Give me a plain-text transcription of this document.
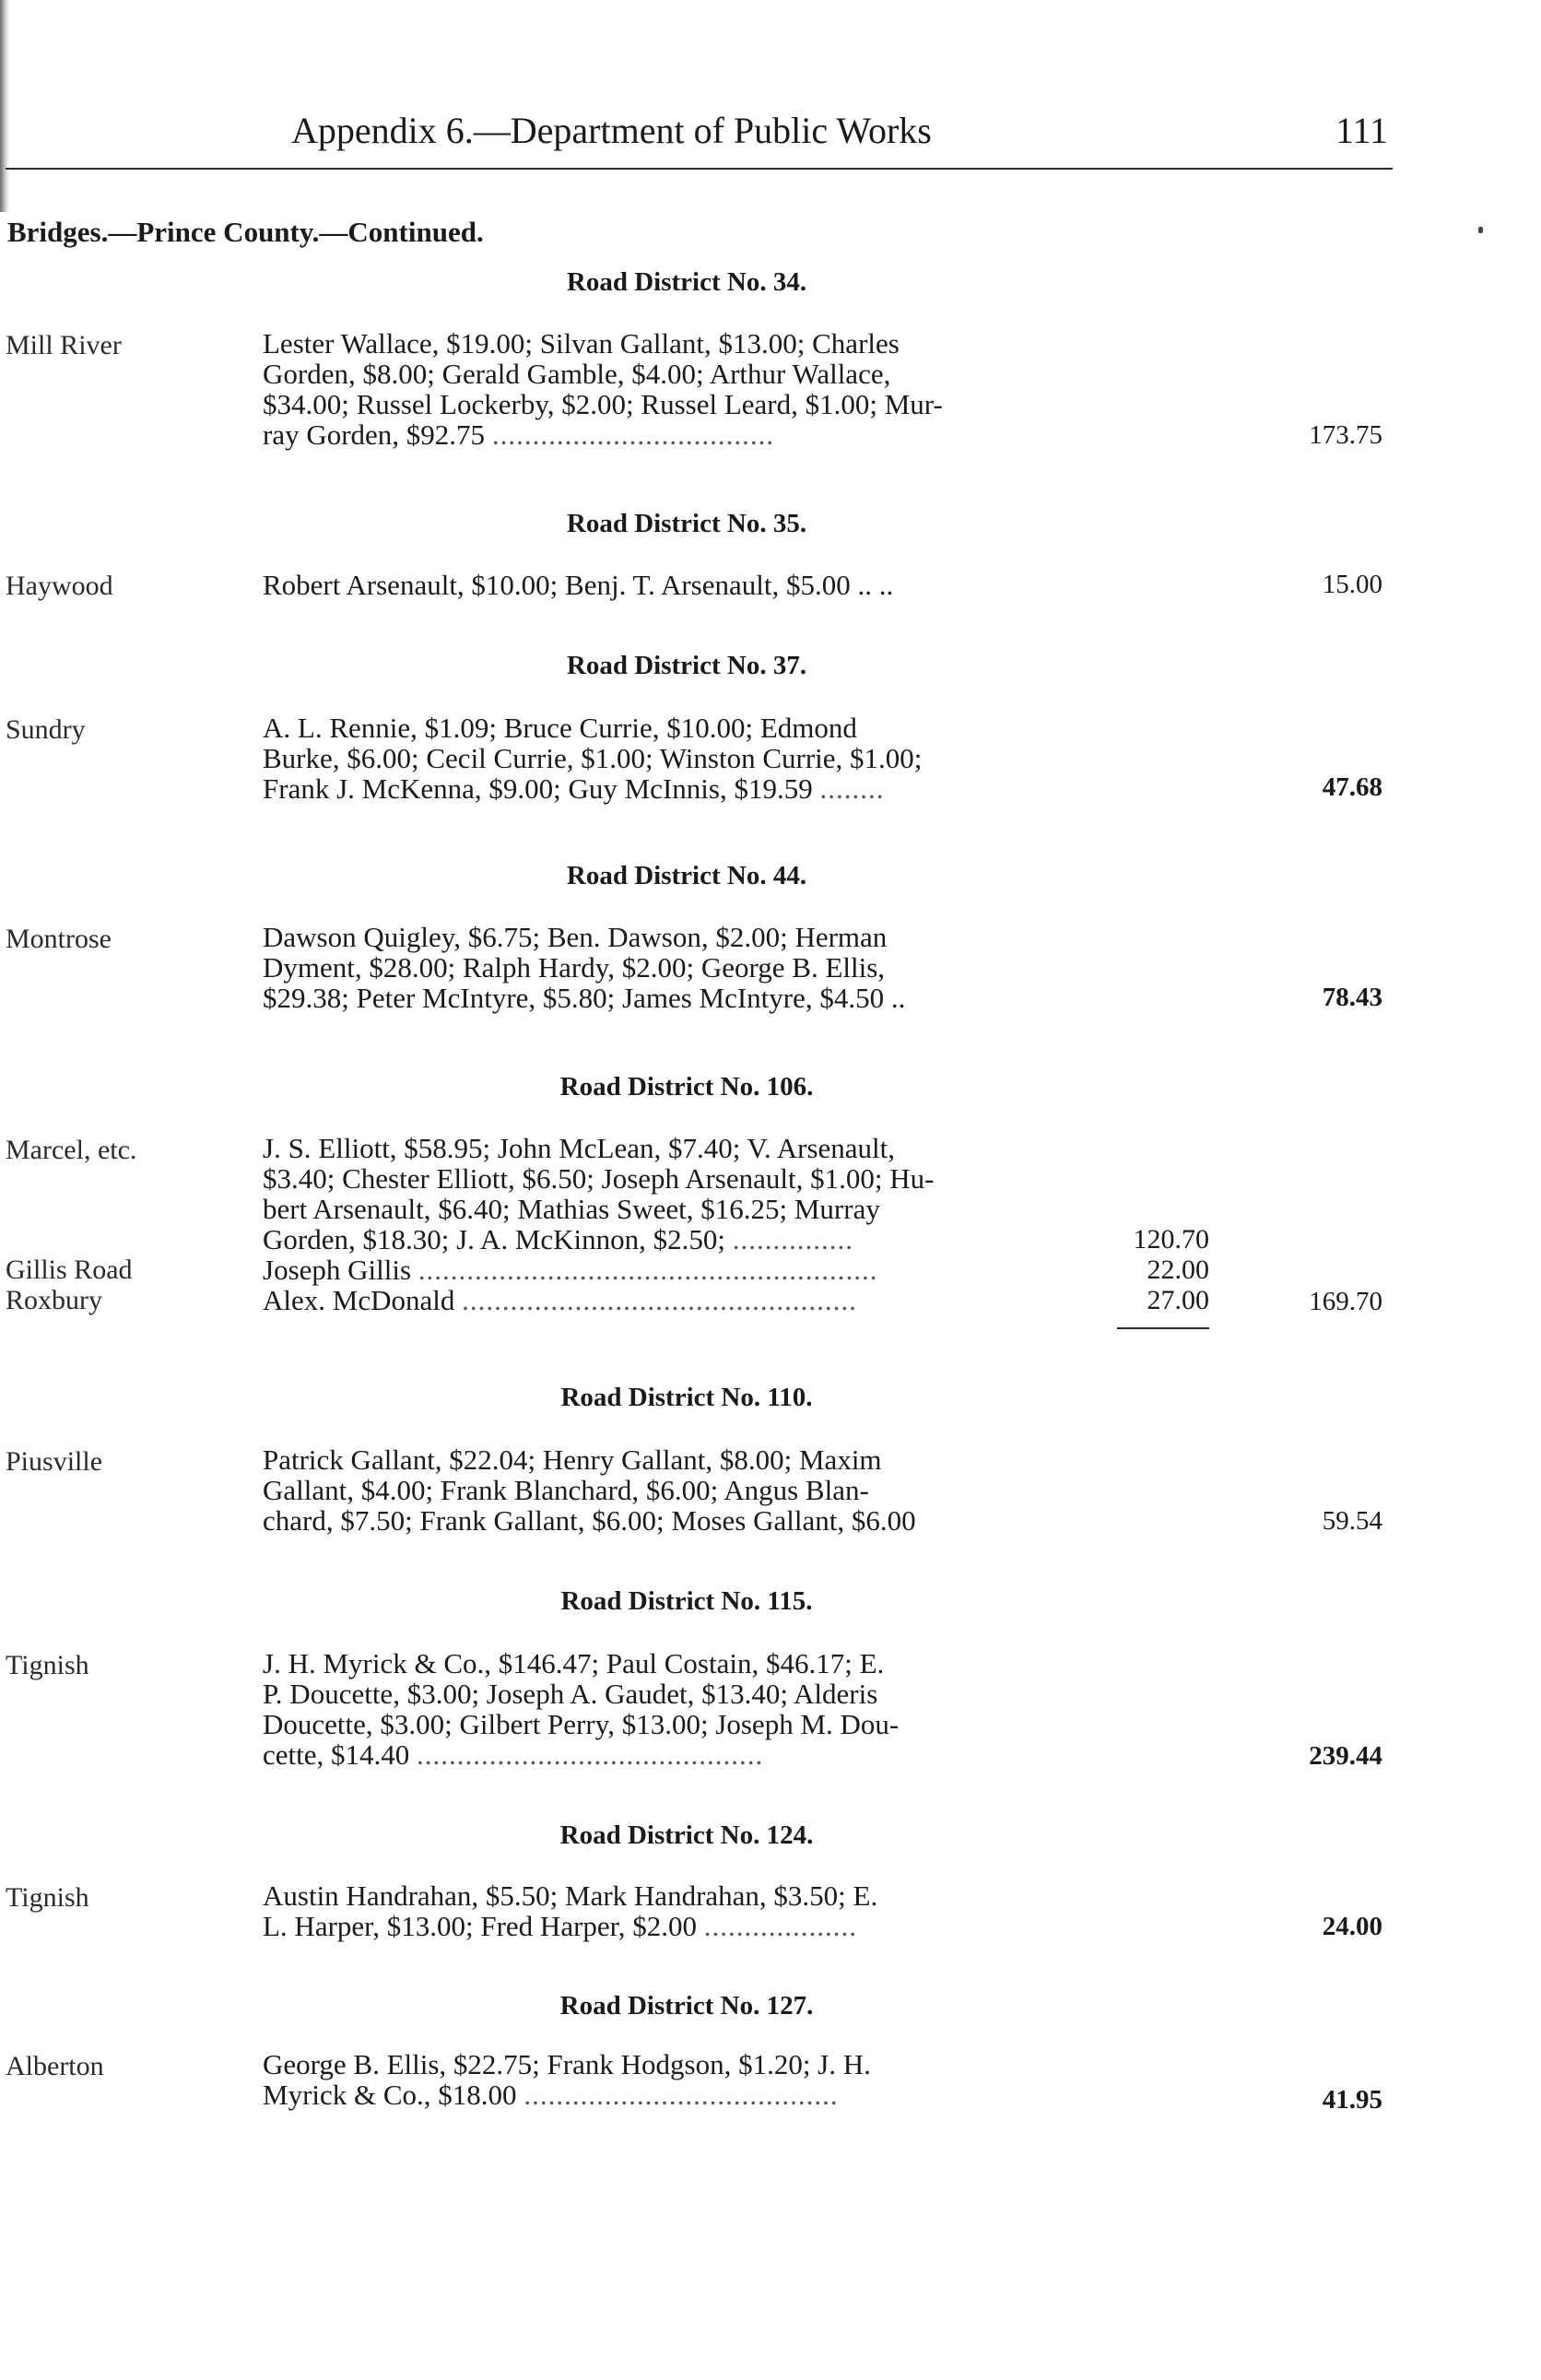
Appendix 6.—Department of Public Works	111
Bridges.—Prince County.—Continued.
Road District No. 34.
Mill River	Lester Wallace, $19.00; Silvan Gallant, $13.00; Charles
Gorden, $8.00; Gerald Gamble, $4.00; Arthur Wallace,
$34.00; Russel Lockerby, $2.00; Russel Leard, $1.00; Mur-
ray Gorden, $92.75 ...................................	173.75
Road District No. 35.
Haywood	Robert Arsenault, $10.00; Benj. T. Arsenault, $5.00 .. ..	15.00
Road District No. 37.
Sundry	A. L. Rennie, $1.09; Bruce Currie, $10.00; Edmond
Burke, $6.00; Cecil Currie, $1.00; Winston Currie, $1.00;
Frank J. McKenna, $9.00; Guy McInnis, $19.59 ........	47.68
Road District No. 44.
Montrose	Dawson Quigley, $6.75; Ben. Dawson, $2.00; Herman
Dyment, $28.00; Ralph Hardy, $2.00; George B. Ellis,
$29.38; Peter McIntyre, $5.80; James McIntyre, $4.50 ..	78.43
Road District No. 106.
Marcel, etc.	J. S. Elliott, $58.95; John McLean, $7.40; V. Arsenault,
$3.40; Chester Elliott, $6.50; Joseph Arsenault, $1.00; Hu-
bert Arsenault, $6.40; Mathias Sweet, $16.25; Murray
Gorden, $18.30; J. A. McKinnon, $2.50; ...............	120.70
Gillis Road	Joseph Gillis .........................................................	22.00
Roxbury	Alex. McDonald .................................................	27.00	169.70
Road District No. 110.
Piusville	Patrick Gallant, $22.04; Henry Gallant, $8.00; Maxim
Gallant, $4.00; Frank Blanchard, $6.00; Angus Blan-
chard, $7.50; Frank Gallant, $6.00; Moses Gallant, $6.00	59.54
Road District No. 115.
Tignish	J. H. Myrick & Co., $146.47; Paul Costain, $46.17; E.
P. Doucette, $3.00; Joseph A. Gaudet, $13.40; Alderis
Doucette, $3.00; Gilbert Perry, $13.00; Joseph M. Dou-
cette, $14.40 ...........................................	239.44
Road District No. 124.
Tignish	Austin Handrahan, $5.50; Mark Handrahan, $3.50; E.
L. Harper, $13.00; Fred Harper, $2.00 ...................	24.00
Road District No. 127.
Alberton	George B. Ellis, $22.75; Frank Hodgson, $1.20; J. H.
Myrick & Co., $18.00 .......................................	41.95
